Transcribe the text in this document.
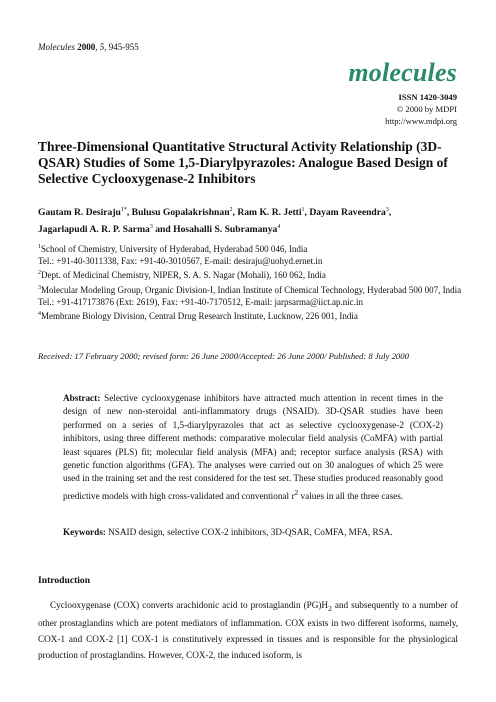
Molecules 2000, 5, 945-955
molecules
ISSN 1420-3049
© 2000 by MDPI
http://www.mdpi.org
Three-Dimensional Quantitative Structural Activity Relationship (3D-QSAR) Studies of Some 1,5-Diarylpyrazoles: Analogue Based Design of Selective Cyclooxygenase-2 Inhibitors
Gautam R. Desiraju$^{1*}$, Bulusu Gopalakrishnan$^2$, Ram K. R. Jetti$^1$, Dayam Raveendra$^3$,
Jagarlapudi A. R. P. Sarma$^3$ and Hosahalli S. Subramanya$^4$
$^1$School of Chemistry, University of Hyderabad, Hyderabad 500 046, India
Tel.: +91-40-3011338, Fax: +91-40-3010567, E-mail: desiraju@uohyd.ernet.in
$^2$Dept. of Medicinal Chemistry, NIPER, S. A. S. Nagar (Mohali), 160 062, India
$^3$Molecular Modeling Group, Organic Division-I, Indian Institute of Chemical Technology, Hyderabad 500 007, India
Tel.: +91-417173876 (Ext: 2619), Fax: +91-40-7170512, E-mail: jarpsarma@iict.ap.nic.in
$^4$Membrane Biology Division, Central Drug Research Institute, Lucknow, 226 001, India
Received: 17 February 2000; revised form: 26 June 2000/Accepted: 26 June 2000/ Published: 8 July 2000
Abstract: Selective cyclooxygenase inhibitors have attracted much attention in recent times in the design of new non-steroidal anti-inflammatory drugs (NSAID). 3D-QSAR studies have been performed on a series of 1,5-diarylpyrazoles that act as selective cyclooxygenase-2 (COX-2) inhibitors, using three different methods: comparative molecular field analysis (CoMFA) with partial least squares (PLS) fit; molecular field analysis (MFA) and; receptor surface analysis (RSA) with genetic function algorithms (GFA). The analyses were carried out on 30 analogues of which 25 were used in the training set and the rest considered for the test set. These studies produced reasonably good predictive models with high cross-validated and conventional $r^2$ values in all the three cases.
Keywords: NSAID design, selective COX-2 inhibitors, 3D-QSAR, CoMFA, MFA, RSA.
Introduction
Cyclooxygenase (COX) converts arachidonic acid to prostaglandin $(PG)H_2$ and subsequently to a number of other prostaglandins which are potent mediators of inflammation. COX exists in two different isoforms, namely, COX-1 and COX-2 [1] COX-1 is constitutively expressed in tissues and is responsible for the physiological production of prostaglandins. However, COX-2, the induced isoform, is
